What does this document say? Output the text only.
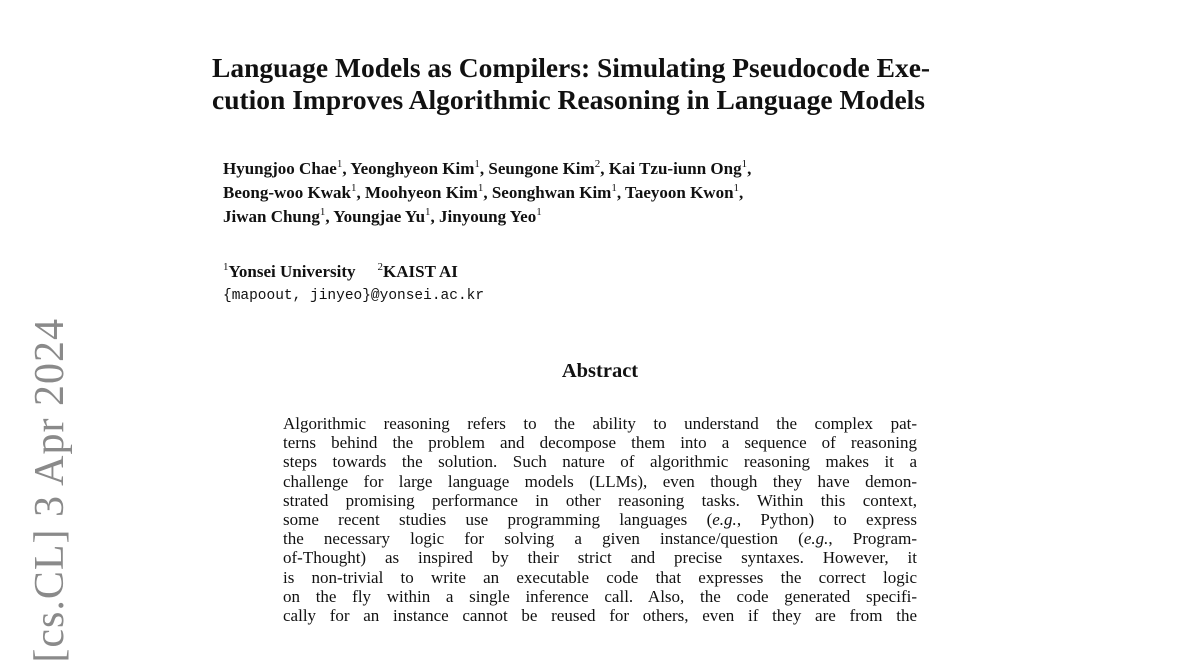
[cs.CL] 3 Apr 2024
Language Models as Compilers: Simulating Pseudocode Exe-
cution Improves Algorithmic Reasoning in Language Models
Hyungjoo Chae$^1$, Yeonghyeon Kim$^1$, Seungone Kim$^2$, Kai Tzu-iunn Ong$^1$,
Beong-woo Kwak$^1$, Moohyeon Kim$^1$, Seonghwan Kim$^1$, Taeyoon Kwon$^1$,
Jiwan Chung$^1$, Youngjae Yu$^1$, Jinyoung Yeo$^1$
$^1$Yonsei University $^2$KAIST AI
{mapoout, jinyeo}@yonsei.ac.kr
Abstract
Algorithmic reasoning refers to the ability to understand the complex pat-
terns behind the problem and decompose them into a sequence of reasoning
steps towards the solution. Such nature of algorithmic reasoning makes it a
challenge for large language models (LLMs), even though they have demon-
strated promising performance in other reasoning tasks. Within this context,
some recent studies use programming languages (e.g., Python) to express
the necessary logic for solving a given instance/question (e.g., Program-
of-Thought) as inspired by their strict and precise syntaxes. However, it
is non-trivial to write an executable code that expresses the correct logic
on the fly within a single inference call. Also, the code generated specifi-
cally for an instance cannot be reused for others, even if they are from the
